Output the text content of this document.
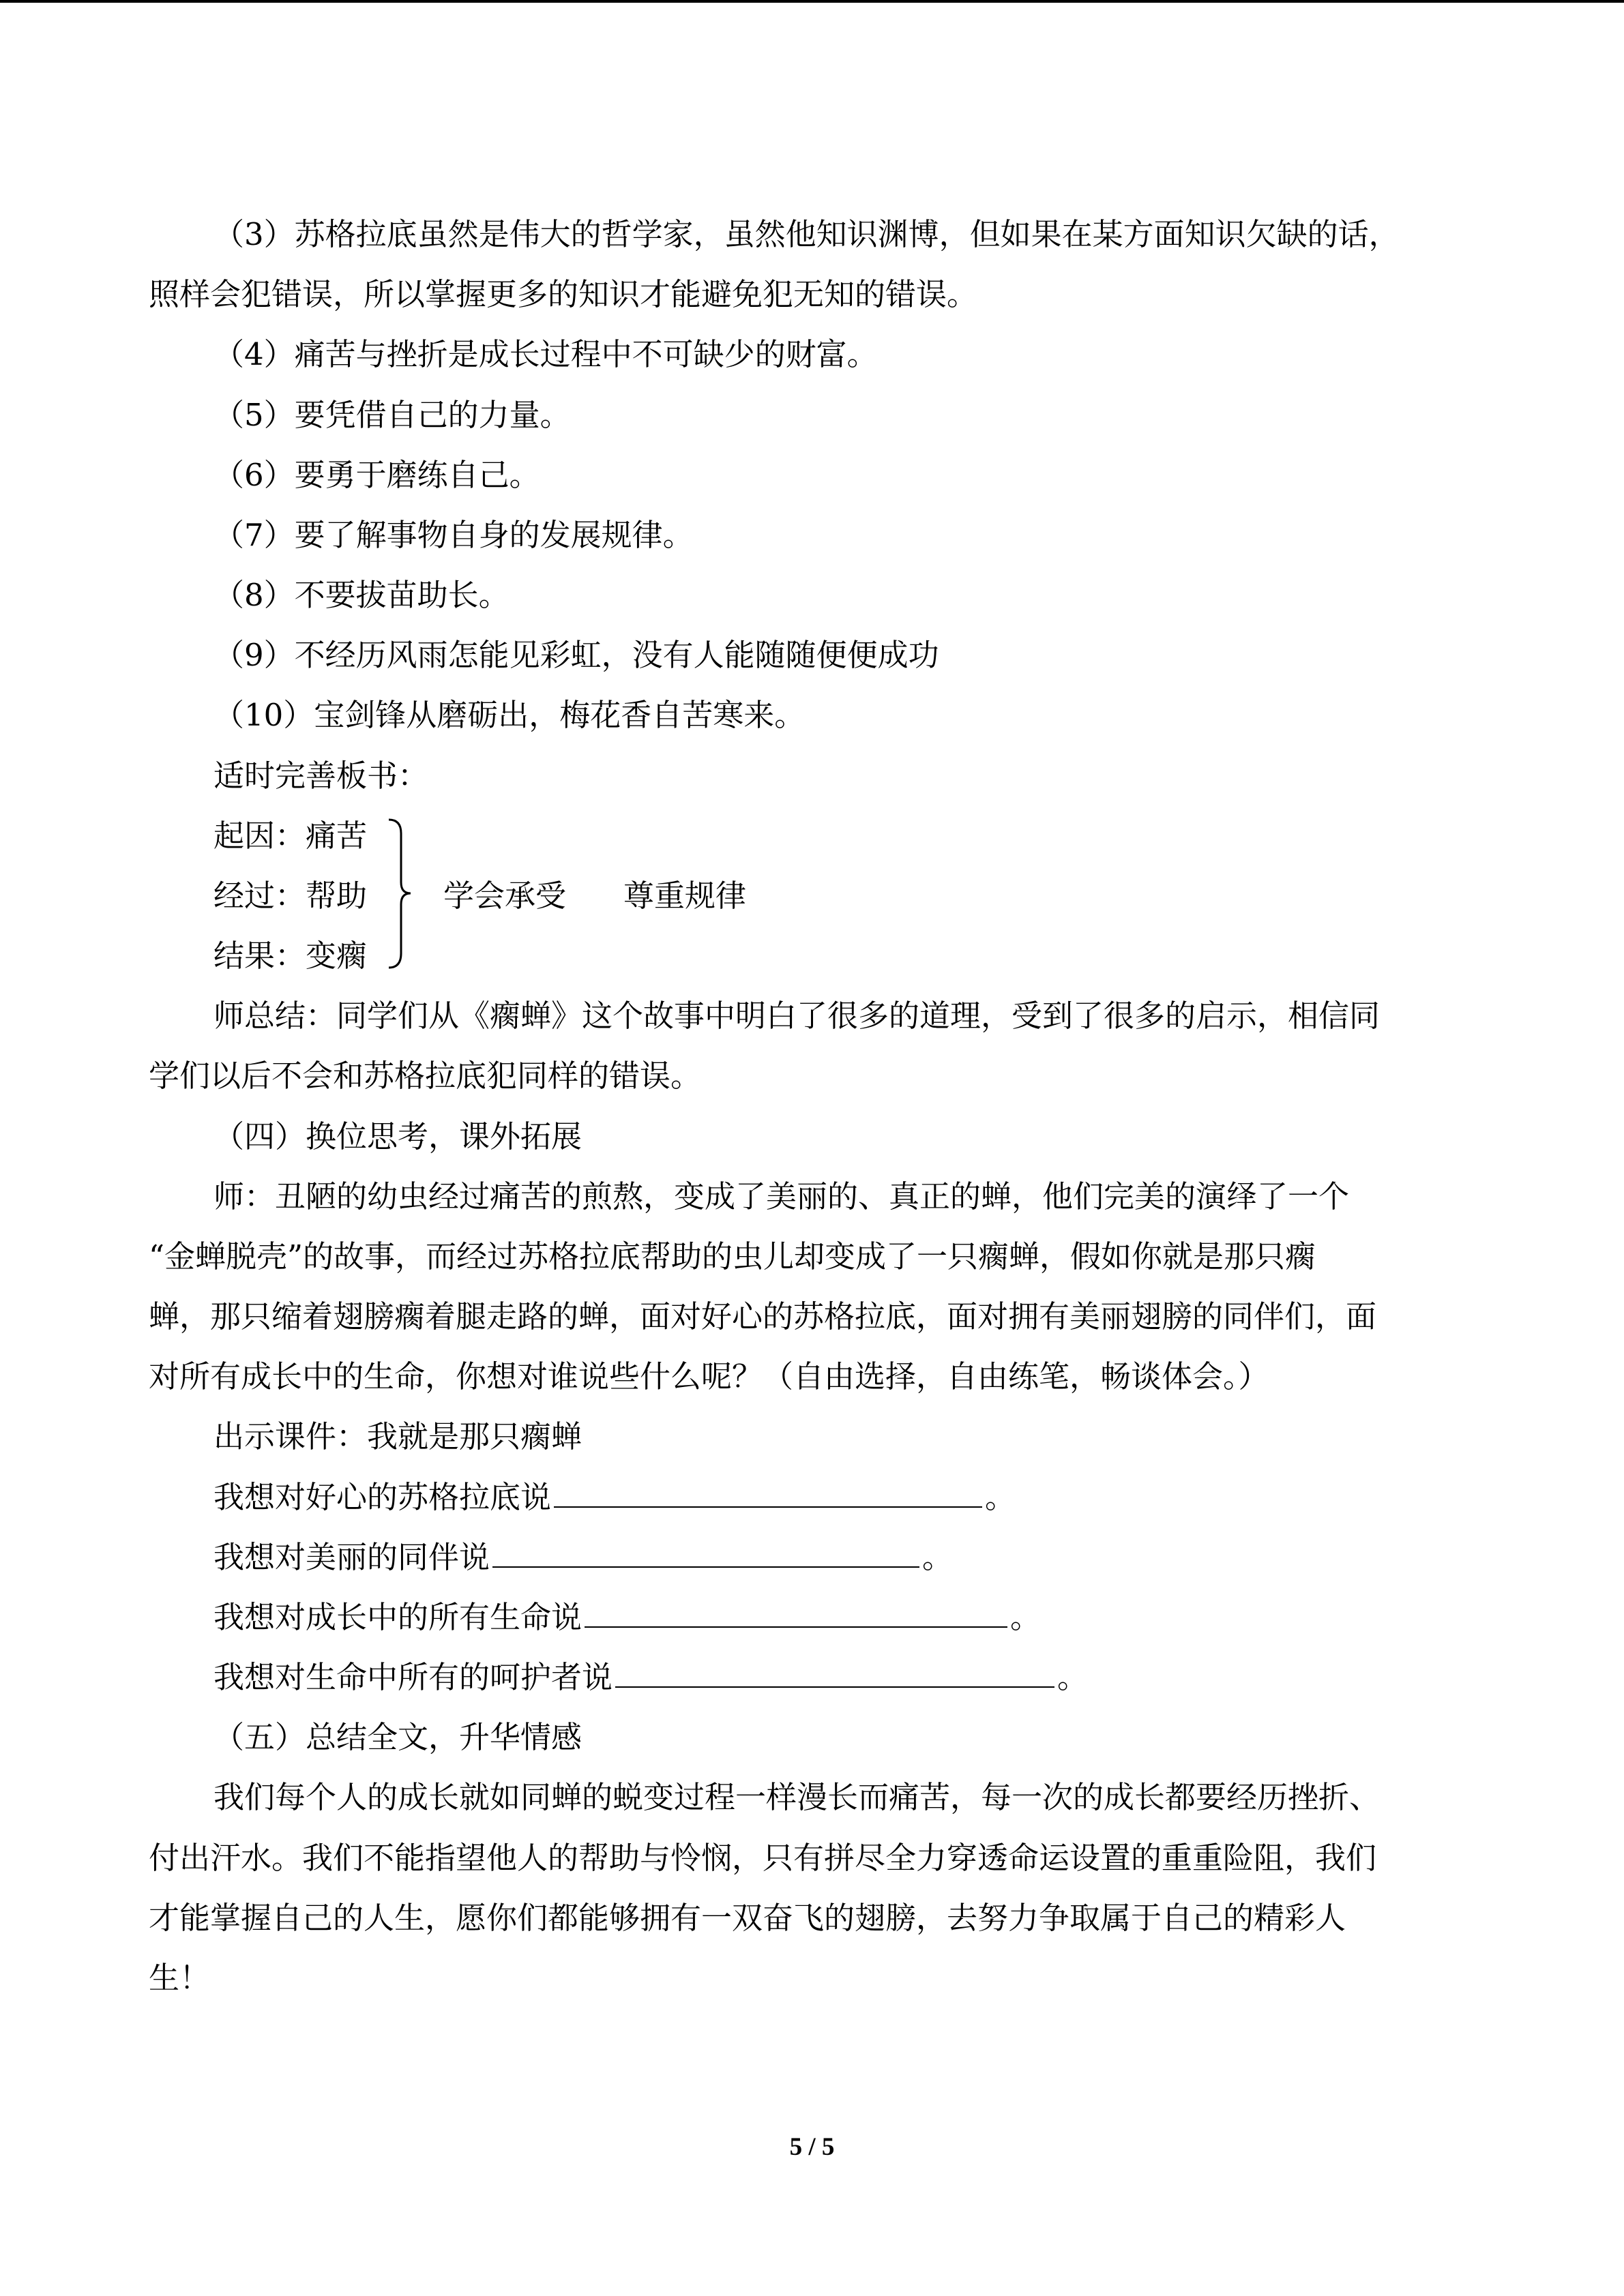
（3）苏格拉底虽然是伟大的哲学家，虽然他知识渊博，但如果在某方面知识欠缺的话，

照样会犯错误，所以掌握更多的知识才能避免犯无知的错误。

（4）痛苦与挫折是成长过程中不可缺少的财富。

（5）要凭借自己的力量。

（6）要勇于磨练自己。

（7）要了解事物自身的发展规律。

（8）不要拔苗助长。

（9）不经历风雨怎能见彩虹，没有人能随随便便成功

（10）宝剑锋从磨砺出，梅花香自苦寒来。

适时完善板书：

起因：痛苦

经过：帮助

结果：变瘸

学会承受 尊重规律

师总结：同学们从《瘸蝉》这个故事中明白了很多的道理，受到了很多的启示，相信同

学们以后不会和苏格拉底犯同样的错误。

（四）换位思考，课外拓展

师：丑陋的幼虫经过痛苦的煎熬，变成了美丽的、真正的蝉，他们完美的演绎了一个

“金蝉脱壳”的故事，而经过苏格拉底帮助的虫儿却变成了一只瘸蝉，假如你就是那只瘸

蝉，那只缩着翅膀瘸着腿走路的蝉，面对好心的苏格拉底，面对拥有美丽翅膀的同伴们，面

对所有成长中的生命，你想对谁说些什么呢？（自由选择，自由练笔，畅谈体会。）

出示课件：我就是那只瘸蝉

我想对好心的苏格拉底说	。

我想对美丽的同伴说	。

我想对成长中的所有生命说	。

我想对生命中所有的呵护者说	。

（五）总结全文，升华情感

我们每个人的成长就如同蝉的蜕变过程一样漫长而痛苦，每一次的成长都要经历挫折、

付出汗水。我们不能指望他人的帮助与怜悯，只有拼尽全力穿透命运设置的重重险阻，我们

才能掌握自己的人生，愿你们都能够拥有一双奋飞的翅膀，去努力争取属于自己的精彩人

生！

5 / 5
